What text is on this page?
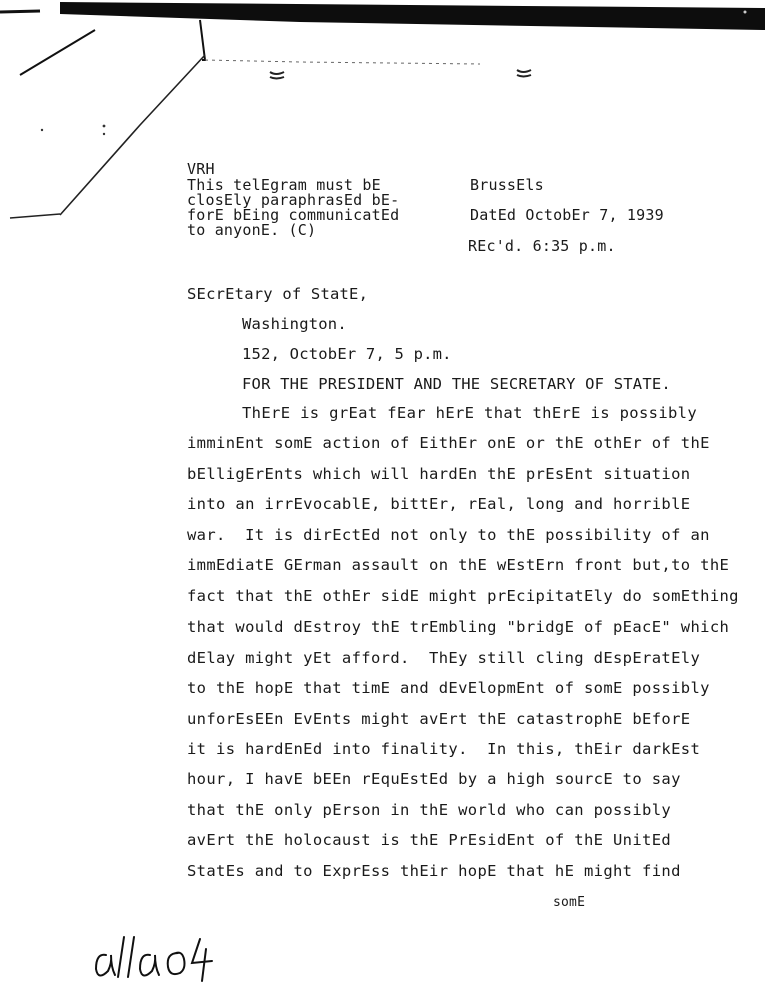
VRH
This telEgram must bE
closEly paraphrasEd bE-
forE bEing communicatEd
to anyonE. (C)
BrussEls
DatEd OctobEr 7, 1939
REc'd. 6:35 p.m.
SEcrEtary of StatE,
Washington.
152, OctobEr 7, 5 p.m.
FOR THE PRESIDENT AND THE SECRETARY OF STATE.
ThErE is grEat fEar hErE that thErE is possibly
imminEnt somE action of EithEr onE or thE othEr of thE
bElligErEnts which will hardEn thE prEsEnt situation
into an irrEvocablE, bittEr, rEal, long and horriblE
war.  It is dirEctEd not only to thE possibility of an
immEdiatE GErman assault on thE wEstErn front but,to thE
fact that thE othEr sidE might prEcipitatEly do somEthing
that would dEstroy thE trEmbling "bridgE of pEacE" which
dElay might yEt afford.  ThEy still cling dEspEratEly
to thE hopE that timE and dEvElopmEnt of somE possibly
unforEsEEn EvEnts might avErt thE catastrophE bEforE
it is hardEnEd into finality.  In this, thEir darkEst
hour, I havE bEEn rEquEstEd by a high sourcE to say
that thE only pErson in thE world who can possibly
avErt thE holocaust is thE PrEsidEnt of thE UnitEd
StatEs and to ExprEss thEir hopE that hE might find
somE
